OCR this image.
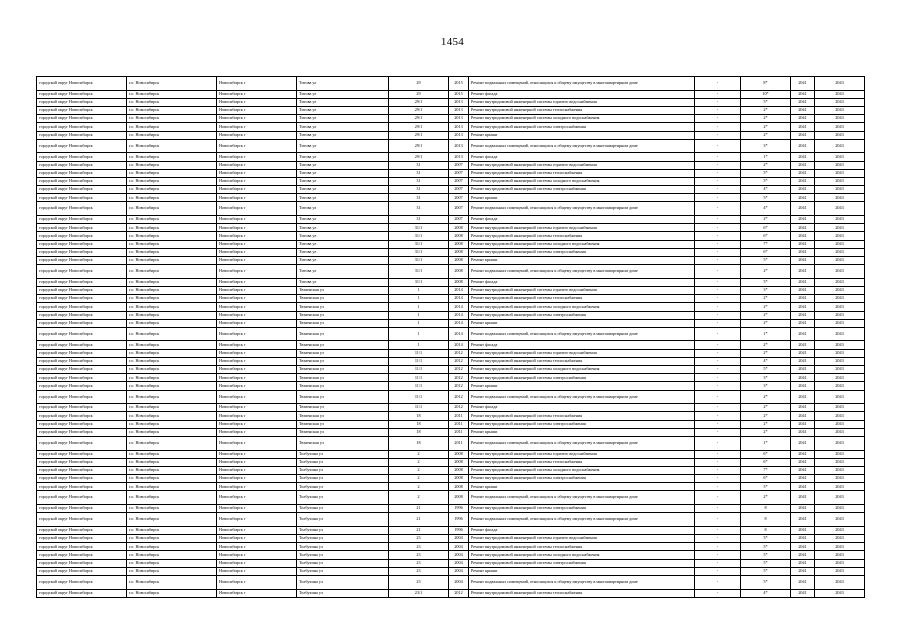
1454
городской округ Новосибирск	г.о. Новосибирск	Новосибирск г	Титова ул	29	2015	Ремонт подвальных помещений, относящихся к общему имуществу в многоквартирном доме	-	8*	2041	2043
городской округ Новосибирск	г.о. Новосибирск	Новосибирск г	Титова ул	29	2015	Ремонт фасада	-	10*	2041	2043
городской округ Новосибирск	г.о. Новосибирск	Новосибирск г	Титова ул	29/1	2013	Ремонт внутридомовой инженерной системы горячего водоснабжения	-	5*	2041	2043
городской округ Новосибирск	г.о. Новосибирск	Новосибирск г	Титова ул	29/1	2013	Ремонт внутридомовой инженерной системы теплоснабжения	-	2*	2041	2043
городской округ Новосибирск	г.о. Новосибирск	Новосибирск г	Титова ул	29/1	2013	Ремонт внутридомовой инженерной системы холодного водоснабжения	-	2*	2041	2043
городской округ Новосибирск	г.о. Новосибирск	Новосибирск г	Титова ул	29/1	2013	Ремонт внутридомовой инженерной системы электроснабжения	-	2*	2041	2043
городской округ Новосибирск	г.о. Новосибирск	Новосибирск г	Титова ул	29/1	2013	Ремонт крыши	-	2*	2041	2043
городской округ Новосибирск	г.о. Новосибирск	Новосибирск г	Титова ул	29/1	2013	Ремонт подвальных помещений, относящихся к общему имуществу в многоквартирном доме	-	3*	2041	2043
городской округ Новосибирск	г.о. Новосибирск	Новосибирск г	Титова ул	29/1	2013	Ремонт фасада	-	1*	2041	2043
городской округ Новосибирск	г.о. Новосибирск	Новосибирск г	Титова ул	31	2007	Ремонт внутридомовой инженерной системы горячего водоснабжения	-	2*	2041	2043
городской округ Новосибирск	г.о. Новосибирск	Новосибирск г	Титова ул	31	2007	Ремонт внутридомовой инженерной системы теплоснабжения	-	5*	2041	2043
городской округ Новосибирск	г.о. Новосибирск	Новосибирск г	Титова ул	31	2007	Ремонт внутридомовой инженерной системы холодного водоснабжения	-	5*	2041	2043
городской округ Новосибирск	г.о. Новосибирск	Новосибирск г	Титова ул	31	2007	Ремонт внутридомовой инженерной системы электроснабжения	-	4*	2041	2043
городской округ Новосибирск	г.о. Новосибирск	Новосибирск г	Титова ул	31	2007	Ремонт крыши	-	5*	2041	2043
городской округ Новосибирск	г.о. Новосибирск	Новосибирск г	Титова ул	31	2007	Ремонт подвальных помещений, относящихся к общему имуществу в многоквартирном доме	-	4*	2041	2043
городской округ Новосибирск	г.о. Новосибирск	Новосибирск г	Титова ул	31	2007	Ремонт фасада	-	2*	2041	2043
городской округ Новосибирск	г.о. Новосибирск	Новосибирск г	Титова ул	31/1	2008	Ремонт внутридомовой инженерной системы горячего водоснабжения	-	6*	2041	2043
городской округ Новосибирск	г.о. Новосибирск	Новосибирск г	Титова ул	31/1	2008	Ремонт внутридомовой инженерной системы теплоснабжения	-	6*	2041	2043
городской округ Новосибирск	г.о. Новосибирск	Новосибирск г	Титова ул	31/1	2008	Ремонт внутридомовой инженерной системы холодного водоснабжения	-	7*	2041	2043
городской округ Новосибирск	г.о. Новосибирск	Новосибирск г	Титова ул	31/1	2008	Ремонт внутридомовой инженерной системы электроснабжения	-	6*	2041	2043
городской округ Новосибирск	г.о. Новосибирск	Новосибирск г	Титова ул	31/1	2008	Ремонт крыши	-	5*	2041	2043
городской округ Новосибирск	г.о. Новосибирск	Новосибирск г	Титова ул	31/1	2008	Ремонт подвальных помещений, относящихся к общему имуществу в многоквартирном доме	-	2*	2041	2043
городской округ Новосибирск	г.о. Новосибирск	Новосибирск г	Титова ул	31/1	2008	Ремонт фасада	-	5*	2041	2043
городской округ Новосибирск	г.о. Новосибирск	Новосибирск г	Тюменская ул	1	2014	Ремонт внутридомовой инженерной системы горячего водоснабжения	-	3*	2041	2043
городской округ Новосибирск	г.о. Новосибирск	Новосибирск г	Тюменская ул	1	2014	Ремонт внутридомовой инженерной системы теплоснабжения	-	2*	2041	2043
городской округ Новосибирск	г.о. Новосибирск	Новосибирск г	Тюменская ул	1	2014	Ремонт внутридомовой инженерной системы холодного водоснабжения	-	2*	2041	2043
городской округ Новосибирск	г.о. Новосибирск	Новосибирск г	Тюменская ул	1	2014	Ремонт внутридомовой инженерной системы электроснабжения	-	2*	2041	2043
городской округ Новосибирск	г.о. Новосибирск	Новосибирск г	Тюменская ул	1	2014	Ремонт крыши	-	2*	2041	2043
городской округ Новосибирск	г.о. Новосибирск	Новосибирск г	Тюменская ул	1	2014	Ремонт подвальных помещений, относящихся к общему имуществу в многоквартирном доме	-	1*	2041	2043
городской округ Новосибирск	г.о. Новосибирск	Новосибирск г	Тюменская ул	1	2014	Ремонт фасада	-	2*	2041	2043
городской округ Новосибирск	г.о. Новосибирск	Новосибирск г	Тюменская ул	11/1	2012	Ремонт внутридомовой инженерной системы горячего водоснабжения	-	2*	2041	2043
городской округ Новосибирск	г.о. Новосибирск	Новосибирск г	Тюменская ул	11/1	2012	Ремонт внутридомовой инженерной системы теплоснабжения	-	4*	2041	2043
городской округ Новосибирск	г.о. Новосибирск	Новосибирск г	Тюменская ул	11/1	2012	Ремонт внутридомовой инженерной системы холодного водоснабжения	-	5*	2041	2043
городской округ Новосибирск	г.о. Новосибирск	Новосибирск г	Тюменская ул	11/1	2012	Ремонт внутридомовой инженерной системы электроснабжения	-	3*	2041	2043
городской округ Новосибирск	г.о. Новосибирск	Новосибирск г	Тюменская ул	11/1	2012	Ремонт крыши	-	3*	2041	2043
городской округ Новосибирск	г.о. Новосибирск	Новосибирск г	Тюменская ул	11/1	2012	Ремонт подвальных помещений, относящихся к общему имуществу в многоквартирном доме	-	2*	2041	2043
городской округ Новосибирск	г.о. Новосибирск	Новосибирск г	Тюменская ул	11/1	2012	Ремонт фасада	-	2*	2041	2043
городской округ Новосибирск	г.о. Новосибирск	Новосибирск г	Тюменская ул	18	2011	Ремонт внутридомовой инженерной системы теплоснабжения	-	2*	2041	2043
городской округ Новосибирск	г.о. Новосибирск	Новосибирск г	Тюменская ул	18	2011	Ремонт внутридомовой инженерной системы электроснабжения	-	2*	2041	2043
городской округ Новосибирск	г.о. Новосибирск	Новосибирск г	Тюменская ул	18	2011	Ремонт крыши	-	2*	2041	2043
городской округ Новосибирск	г.о. Новосибирск	Новосибирск г	Тюменская ул	18	2011	Ремонт подвальных помещений, относящихся к общему имуществу в многоквартирном доме	-	1*	2041	2043
городской округ Новосибирск	г.о. Новосибирск	Новосибирск г	Толбухина ул	2	2008	Ремонт внутридомовой инженерной системы горячего водоснабжения	-	6*	2041	2043
городской округ Новосибирск	г.о. Новосибирск	Новосибирск г	Толбухина ул	2	2008	Ремонт внутридомовой инженерной системы теплоснабжения	-	6*	2041	2043
городской округ Новосибирск	г.о. Новосибирск	Новосибирск г	Толбухина ул	2	2008	Ремонт внутридомовой инженерной системы холодного водоснабжения	-	7*	2041	2043
городской округ Новосибирск	г.о. Новосибирск	Новосибирск г	Толбухина ул	2	2008	Ремонт внутридомовой инженерной системы электроснабжения	-	6*	2041	2043
городской округ Новосибирск	г.о. Новосибирск	Новосибирск г	Толбухина ул	2	2008	Ремонт крыши	-	5*	2041	2043
городской округ Новосибирск	г.о. Новосибирск	Новосибирск г	Толбухина ул	2	2008	Ремонт подвальных помещений, относящихся к общему имуществу в многоквартирном доме	-	2*	2041	2043
городской округ Новосибирск	г.о. Новосибирск	Новосибирск г	Толбухина ул	21	1996	Ремонт внутридомовой инженерной системы электроснабжения	-	8	2041	2043
городской округ Новосибирск	г.о. Новосибирск	Новосибирск г	Толбухина ул	21	1996	Ремонт подвальных помещений, относящихся к общему имуществу в многоквартирном доме	-	8	2041	2043
городской округ Новосибирск	г.о. Новосибирск	Новосибирск г	Толбухина ул	21	1996	Ремонт фасада	-	8	2041	2043
городской округ Новосибирск	г.о. Новосибирск	Новосибирск г	Толбухина ул	23	2004	Ремонт внутридомовой инженерной системы горячего водоснабжения	-	5*	2041	2043
городской округ Новосибирск	г.о. Новосибирск	Новосибирск г	Толбухина ул	23	2004	Ремонт внутридомовой инженерной системы теплоснабжения	-	5*	2041	2043
городской округ Новосибирск	г.о. Новосибирск	Новосибирск г	Толбухина ул	23	2004	Ремонт внутридомовой инженерной системы холодного водоснабжения	-	5*	2041	2043
городской округ Новосибирск	г.о. Новосибирск	Новосибирск г	Толбухина ул	23	2004	Ремонт внутридомовой инженерной системы электроснабжения	-	5*	2041	2043
городской округ Новосибирск	г.о. Новосибирск	Новосибирск г	Толбухина ул	23	2004	Ремонт крыши	-	5*	2041	2043
городской округ Новосибирск	г.о. Новосибирск	Новосибирск г	Толбухина ул	23	2004	Ремонт подвальных помещений, относящихся к общему имуществу в многоквартирном доме	-	5*	2041	2043
городской округ Новосибирск	г.о. Новосибирск	Новосибирск г	Толбухина ул	23/1	2012	Ремонт внутридомовой инженерной системы теплоснабжения	-	4*	2041	2043
